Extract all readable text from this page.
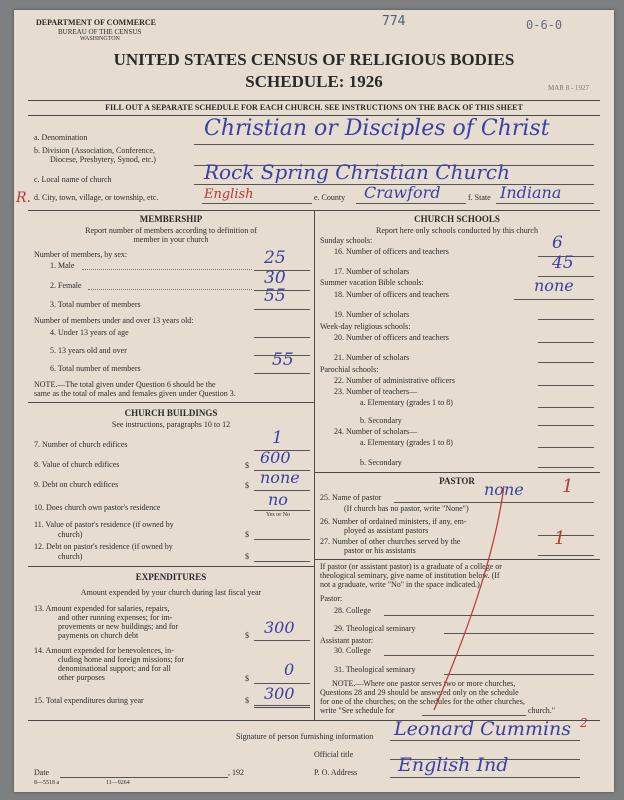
DEPARTMENT OF COMMERCE
BUREAU OF THE CENSUS
WASHINGTON
774	0-6-0
UNITED STATES CENSUS OF RELIGIOUS BODIES
SCHEDULE: 1926	MAR 8 - 1927
FILL OUT A SEPARATE SCHEDULE FOR EACH CHURCH. SEE INSTRUCTIONS ON THE BACK OF THIS SHEET
a. Denomination	Christian or Disciples of Christ
b. Division (Association, Conference,
Diocese, Presbytery, Synod, etc.)
c. Local name of church	Rock Spring Christian Church
R. d. City, town, village, or township, etc.	English	e. County Crawford	f. State Indiana
MEMBERSHIP
Report number of members according to definition of
member in your church
Number of members, by sex:
1. Male	25
2. Female	30
3. Total number of members	55
Number of members under and over 13 years old:
4. Under 13 years of age
5. 13 years old and over
6. Total number of members	55
NOTE.—The total given under Question 6 should be the
same as the total of males and females given under Question 3.
CHURCH BUILDINGS
See instructions, paragraphs 10 to 12
7. Number of church edifices	1
8. Value of church edifices	$ 600
9. Debt on church edifices	$ none
10. Does church own pastor's residence	no
Yes or No
11. Value of pastor's residence (if owned by
church)	$
12. Debt on pastor's residence (if owned by
church)	$
EXPENDITURES
Amount expended by your church during last fiscal year
13. Amount expended for salaries, repairs,
and other running expenses; for im-
provements or new buildings; and for
payments on church debt	$ 300
14. Amount expended for benevolences, in-
cluding home and foreign missions; for
denominational support; and for all
other purposes	$ 0
15. Total expenditures during year	$ 300
CHURCH SCHOOLS
Report here only schools conducted by this church
Sunday schools:
16. Number of officers and teachers	6
17. Number of scholars	45
Summer vacation Bible schools:
18. Number of officers and teachers	none
19. Number of scholars
Week-day religious schools:
20. Number of officers and teachers
21. Number of scholars
Parochial schools:
22. Number of administrative officers
23. Number of teachers—
a. Elementary (grades 1 to 8)
b. Secondary
24. Number of scholars—
a. Elementary (grades 1 to 8)
b. Secondary
PASTOR
25. Name of pastor	none 1
(If church has no pastor, write "None")
26. Number of ordained ministers, if any, em-
ployed as assistant pastors
27. Number of other churches served by the
pastor or his assistants
1
If pastor (or assistant pastor) is a graduate of a college or
theological seminary, give name of institution below. (If
not a graduate, write "No" in the space indicated.)
Pastor:
28. College
29. Theological seminary
Assistant pastor:
30. College
31. Theological seminary
NOTE.—Where one pastor serves two or more churches,
Questions 28 and 29 should be answered only on the schedule
for one of the churches; on the schedules for the other churches,
write "See schedule for	church."
Signature of person furnishing information Leonard Cummins 2
Official title
Date	, 192	P. O. Address English Ind
8—5518 a	11—9264
